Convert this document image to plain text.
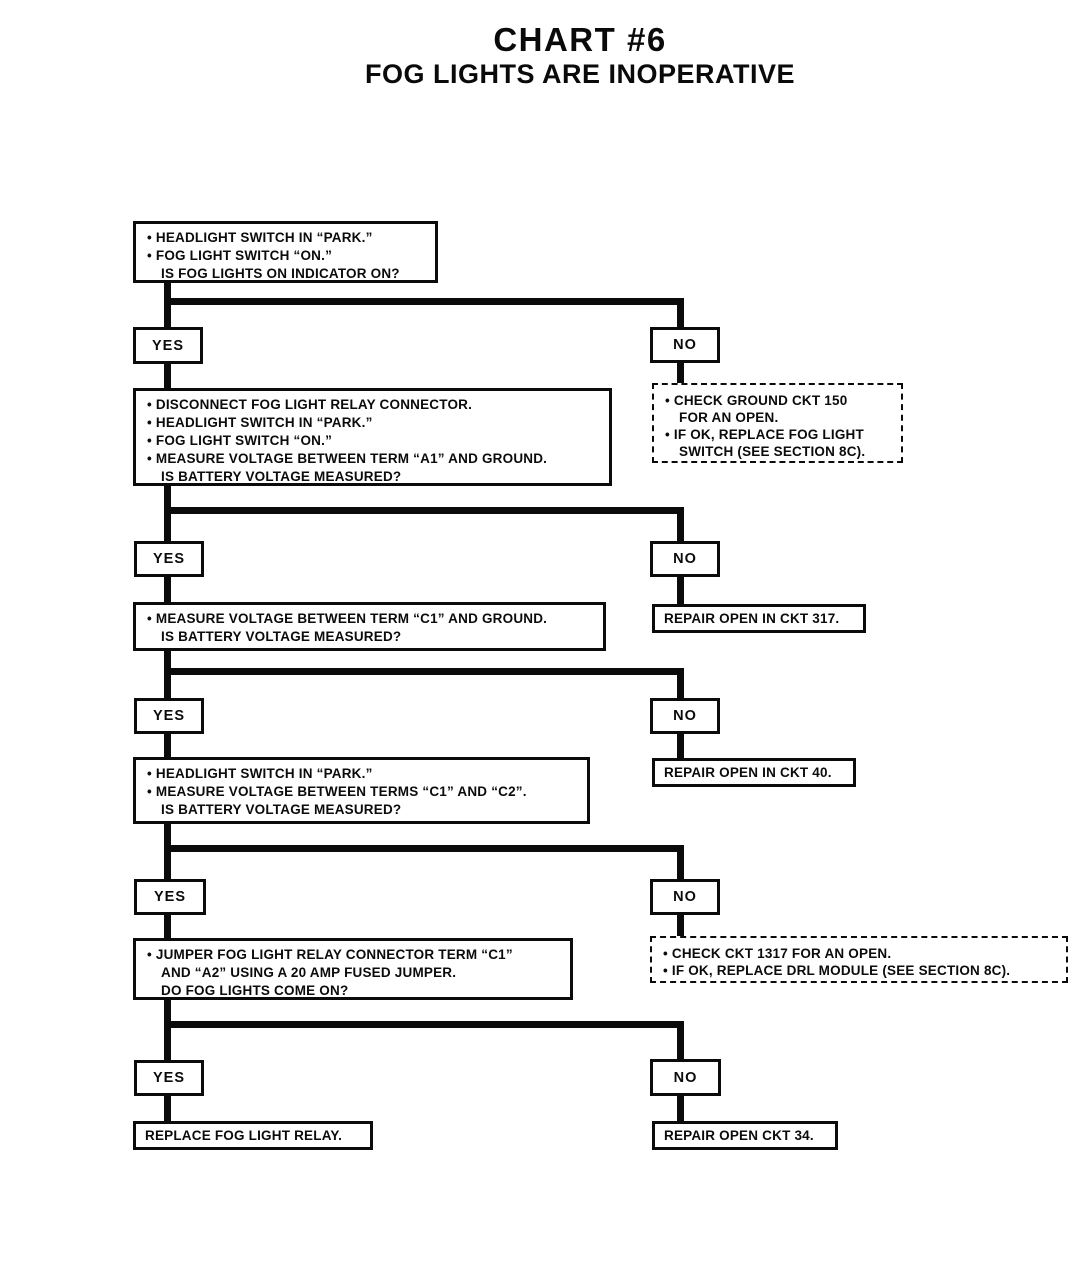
CHART #6
FOG LIGHTS ARE INOPERATIVE
• HEADLIGHT SWITCH IN “PARK.”
• FOG LIGHT SWITCH “ON.”
IS FOG LIGHTS ON INDICATOR ON?
YES	NO
• CHECK GROUND CKT 150
FOR AN OPEN.
• IF OK, REPLACE FOG LIGHT
SWITCH (SEE SECTION 8C).
• DISCONNECT FOG LIGHT RELAY CONNECTOR.
• HEADLIGHT SWITCH IN “PARK.”
• FOG LIGHT SWITCH “ON.”
• MEASURE VOLTAGE BETWEEN TERM “A1” AND GROUND.
IS BATTERY VOLTAGE MEASURED?
YES	NO
REPAIR OPEN IN CKT 317.
• MEASURE VOLTAGE BETWEEN TERM “C1” AND GROUND.
IS BATTERY VOLTAGE MEASURED?
YES	NO
REPAIR OPEN IN CKT 40.
• HEADLIGHT SWITCH IN “PARK.”
• MEASURE VOLTAGE BETWEEN TERMS “C1” AND “C2”.
IS BATTERY VOLTAGE MEASURED?
YES	NO
• CHECK CKT 1317 FOR AN OPEN.
• IF OK, REPLACE DRL MODULE (SEE SECTION 8C).
• JUMPER FOG LIGHT RELAY CONNECTOR TERM “C1”
AND “A2” USING A 20 AMP FUSED JUMPER.
DO FOG LIGHTS COME ON?
YES	NO
REPLACE FOG LIGHT RELAY.	REPAIR OPEN CKT 34.
